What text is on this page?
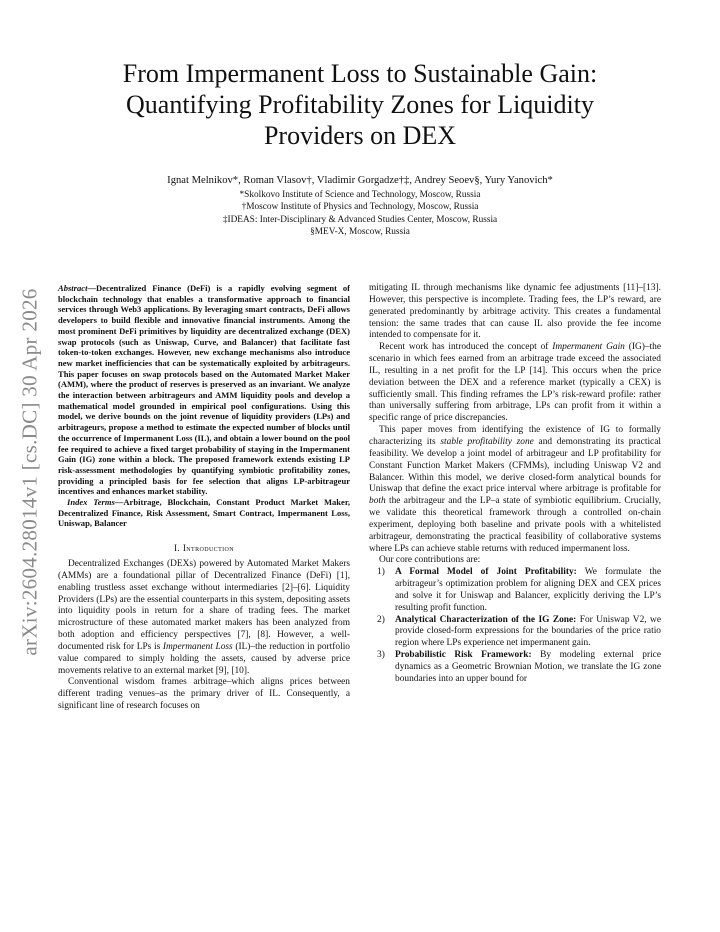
arXiv:2604.28014v1 [cs.DC] 30 Apr 2026
From Impermanent Loss to Sustainable Gain: Quantifying Profitability Zones for Liquidity Providers on DEX
Ignat Melnikov*, Roman Vlasov†, Vladimir Gorgadze†‡, Andrey Seoev§, Yury Yanovich*
*Skolkovo Institute of Science and Technology, Moscow, Russia
†Moscow Institute of Physics and Technology, Moscow, Russia
‡IDEAS: Inter-Disciplinary & Advanced Studies Center, Moscow, Russia
§MEV-X, Moscow, Russia
Abstract—Decentralized Finance (DeFi) is a rapidly evolving segment of blockchain technology that enables a transformative approach to financial services through Web3 applications. By leveraging smart contracts, DeFi allows developers to build flexible and innovative financial instruments. Among the most prominent DeFi primitives by liquidity are decentralized exchange (DEX) swap protocols (such as Uniswap, Curve, and Balancer) that facilitate fast token-to-token exchanges. However, new exchange mechanisms also introduce new market inefficiencies that can be systematically exploited by arbitrageurs. This paper focuses on swap protocols based on the Automated Market Maker (AMM), where the product of reserves is preserved as an invariant. We analyze the interaction between arbitrageurs and AMM liquidity pools and develop a mathematical model grounded in empirical pool configurations. Using this model, we derive bounds on the joint revenue of liquidity providers (LPs) and arbitrageurs, propose a method to estimate the expected number of blocks until the occurrence of Impermanent Loss (IL), and obtain a lower bound on the pool fee required to achieve a fixed target probability of staying in the Impermanent Gain (IG) zone within a block. The proposed framework extends existing LP risk-assessment methodologies by quantifying symbiotic profitability zones, providing a principled basis for fee selection that aligns LP-arbitrageur incentives and enhances market stability.
Index Terms—Arbitrage, Blockchain, Constant Product Market Maker, Decentralized Finance, Risk Assessment, Smart Contract, Impermanent Loss, Uniswap, Balancer
I. Introduction

Decentralized Exchanges (DEXs) powered by Automated Market Makers (AMMs) are a foundational pillar of Decentralized Finance (DeFi) [1], enabling trustless asset exchange without intermediaries [2]–[6]. Liquidity Providers (LPs) are the essential counterparts in this system, depositing assets into liquidity pools in return for a share of trading fees. The market microstructure of these automated market makers has been analyzed from both adoption and efficiency perspectives [7], [8]. However, a well-documented risk for LPs is Impermanent Loss (IL)–the reduction in portfolio value compared to simply holding the assets, caused by adverse price movements relative to an external market [9], [10].

Conventional wisdom frames arbitrage–which aligns prices between different trading venues–as the primary driver of IL. Consequently, a significant line of research focuses on

mitigating IL through mechanisms like dynamic fee adjustments [11]–[13]. However, this perspective is incomplete. Trading fees, the LP’s reward, are generated predominantly by arbitrage activity. This creates a fundamental tension: the same trades that can cause IL also provide the fee income intended to compensate for it.

Recent work has introduced the concept of Impermanent Gain (IG)–the scenario in which fees earned from an arbitrage trade exceed the associated IL, resulting in a net profit for the LP [14]. This occurs when the price deviation between the DEX and a reference market (typically a CEX) is sufficiently small. This finding reframes the LP’s risk-reward profile: rather than universally suffering from arbitrage, LPs can profit from it within a specific range of price discrepancies.

This paper moves from identifying the existence of IG to formally characterizing its stable profitability zone and demonstrating its practical feasibility. We develop a joint model of arbitrageur and LP profitability for Constant Function Market Makers (CFMMs), including Uniswap V2 and Balancer. Within this model, we derive closed-form analytical bounds for Uniswap that define the exact price interval where arbitrage is profitable for both the arbitrageur and the LP–a state of symbiotic equilibrium. Crucially, we validate this theoretical framework through a controlled on-chain experiment, deploying both baseline and private pools with a whitelisted arbitrageur, demonstrating the practical feasibility of collaborative systems where LPs can achieve stable returns with reduced impermanent loss.

Our core contributions are:

1) A Formal Model of Joint Profitability: We formulate the arbitrageur’s optimization problem for aligning DEX and CEX prices and solve it for Uniswap and Balancer, explicitly deriving the LP’s resulting profit function.
2) Analytical Characterization of the IG Zone: For Uniswap V2, we provide closed-form expressions for the boundaries of the price ratio region where LPs experience net impermanent gain.
3) Probabilistic Risk Framework: By modeling external price dynamics as a Geometric Brownian Motion, we translate the IG zone boundaries into an upper bound for
